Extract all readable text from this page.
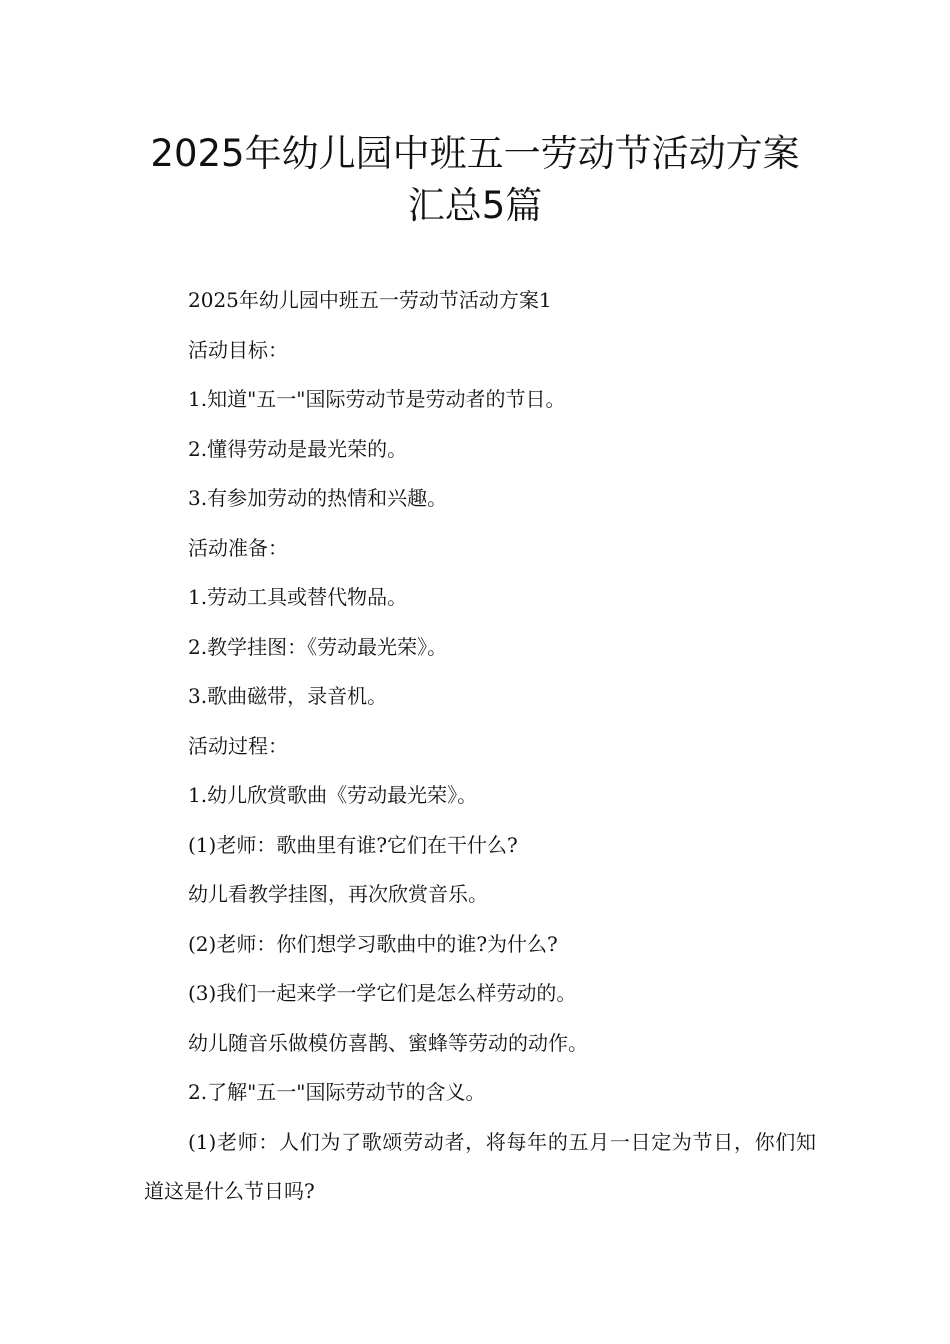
2025年幼儿园中班五一劳动节活动方案
汇总5篇

2025年幼儿园中班五一劳动节活动方案1

活动目标：

1.知道"五一"国际劳动节是劳动者的节日。

2.懂得劳动是最光荣的。

3.有参加劳动的热情和兴趣。

活动准备：

1.劳动工具或替代物品。

2.教学挂图：《劳动最光荣》。

3.歌曲磁带，录音机。

活动过程：

1.幼儿欣赏歌曲《劳动最光荣》。

(1)老师：歌曲里有谁?它们在干什么?

幼儿看教学挂图，再次欣赏音乐。

(2)老师：你们想学习歌曲中的谁?为什么?

(3)我们一起来学一学它们是怎么样劳动的。

幼儿随音乐做模仿喜鹊、蜜蜂等劳动的动作。

2.了解"五一"国际劳动节的含义。

(1)老师：人们为了歌颂劳动者，将每年的五月一日定为节日，你们知道这是什么节日吗?
